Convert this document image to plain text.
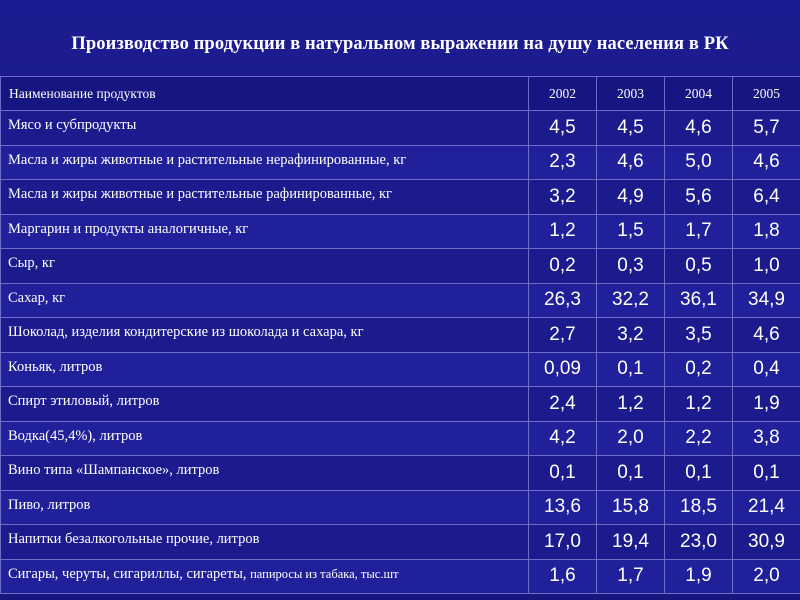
Производство продукции в натуральном выражении на душу населения в РК
Наименование продуктов	2002	2003	2004	2005
Мясо и субпродукты	4,5	4,5	4,6	5,7
Масла и жиры животные и растительные нерафинированные, кг	2,3	4,6	5,0	4,6
Масла и жиры животные и растительные рафинированные, кг	3,2	4,9	5,6	6,4
Маргарин и продукты аналогичные, кг	1,2	1,5	1,7	1,8
Сыр, кг	0,2	0,3	0,5	1,0
Сахар, кг	26,3	32,2	36,1	34,9
Шоколад, изделия кондитерские из шоколада и сахара, кг	2,7	3,2	3,5	4,6
Коньяк, литров	0,09	0,1	0,2	0,4
Спирт этиловый, литров	2,4	1,2	1,2	1,9
Водка(45,4%), литров	4,2	2,0	2,2	3,8
Вино типа «Шампанское», литров	0,1	0,1	0,1	0,1
Пиво, литров	13,6	15,8	18,5	21,4
Напитки безалкогольные прочие, литров	17,0	19,4	23,0	30,9
Сигары, черуты, сигариллы, сигареты, папиросы из табака, тыс.шт	1,6	1,7	1,9	2,0
